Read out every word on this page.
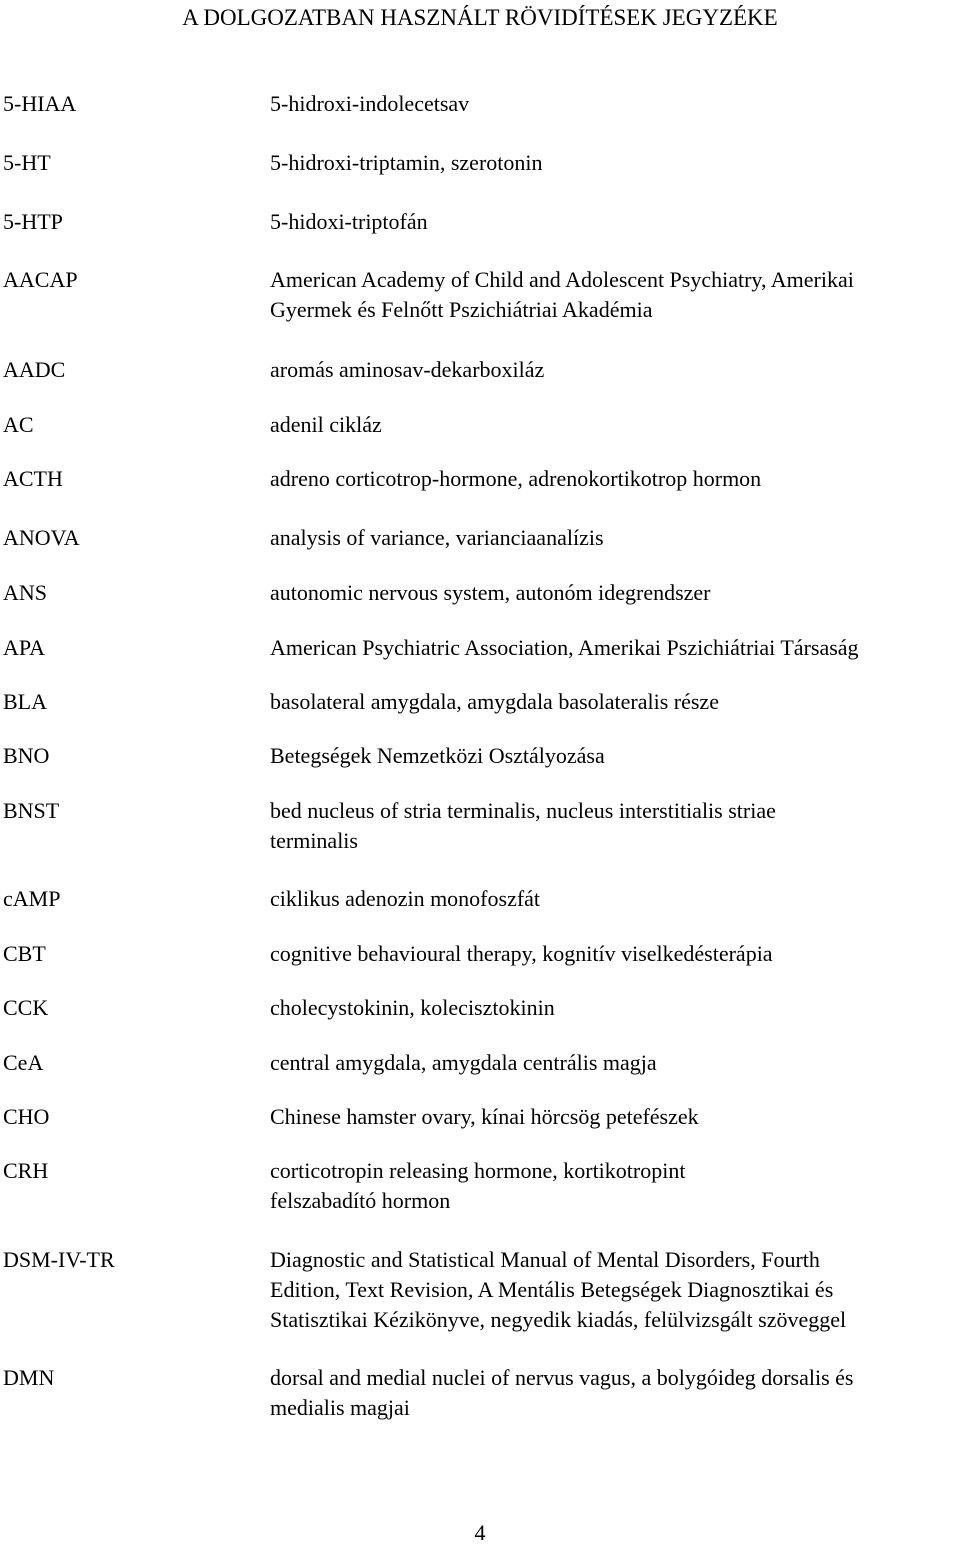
A DOLGOZATBAN HASZNÁLT RÖVIDÍTÉSEK JEGYZÉKE
5-HIAA	5-hidroxi-indolecetsav
5-HT	5-hidroxi-triptamin, szerotonin
5-HTP	5-hidoxi-triptofán
AACAP	American Academy of Child and Adolescent Psychiatry, Amerikai
Gyermek és Felnőtt Pszichiátriai Akadémia
AADC	aromás aminosav-dekarboxiláz
AC	adenil cikláz
ACTH	adreno corticotrop-hormone, adrenokortikotrop hormon
ANOVA	analysis of variance, varianciaanalízis
ANS	autonomic nervous system, autonóm idegrendszer
APA	American Psychiatric Association, Amerikai Pszichiátriai Társaság
BLA	basolateral amygdala, amygdala basolateralis része
BNO	Betegségek Nemzetközi Osztályozása
BNST	bed nucleus of stria terminalis, nucleus interstitialis striae
terminalis
cAMP	ciklikus adenozin monofoszfát
CBT	cognitive behavioural therapy, kognitív viselkedésterápia
CCK	cholecystokinin, kolecisztokinin
CeA	central amygdala, amygdala centrális magja
CHO	Chinese hamster ovary, kínai hörcsög petefészek
CRH	corticotropin releasing hormone, kortikotropint
felszabadító hormon
DSM-IV-TR	Diagnostic and Statistical Manual of Mental Disorders, Fourth
Edition, Text Revision, A Mentális Betegségek Diagnosztikai és
Statisztikai Kézikönyve, negyedik kiadás, felülvizsgált szöveggel
DMN	dorsal and medial nuclei of nervus vagus, a bolygóideg dorsalis és
medialis magjai
4
